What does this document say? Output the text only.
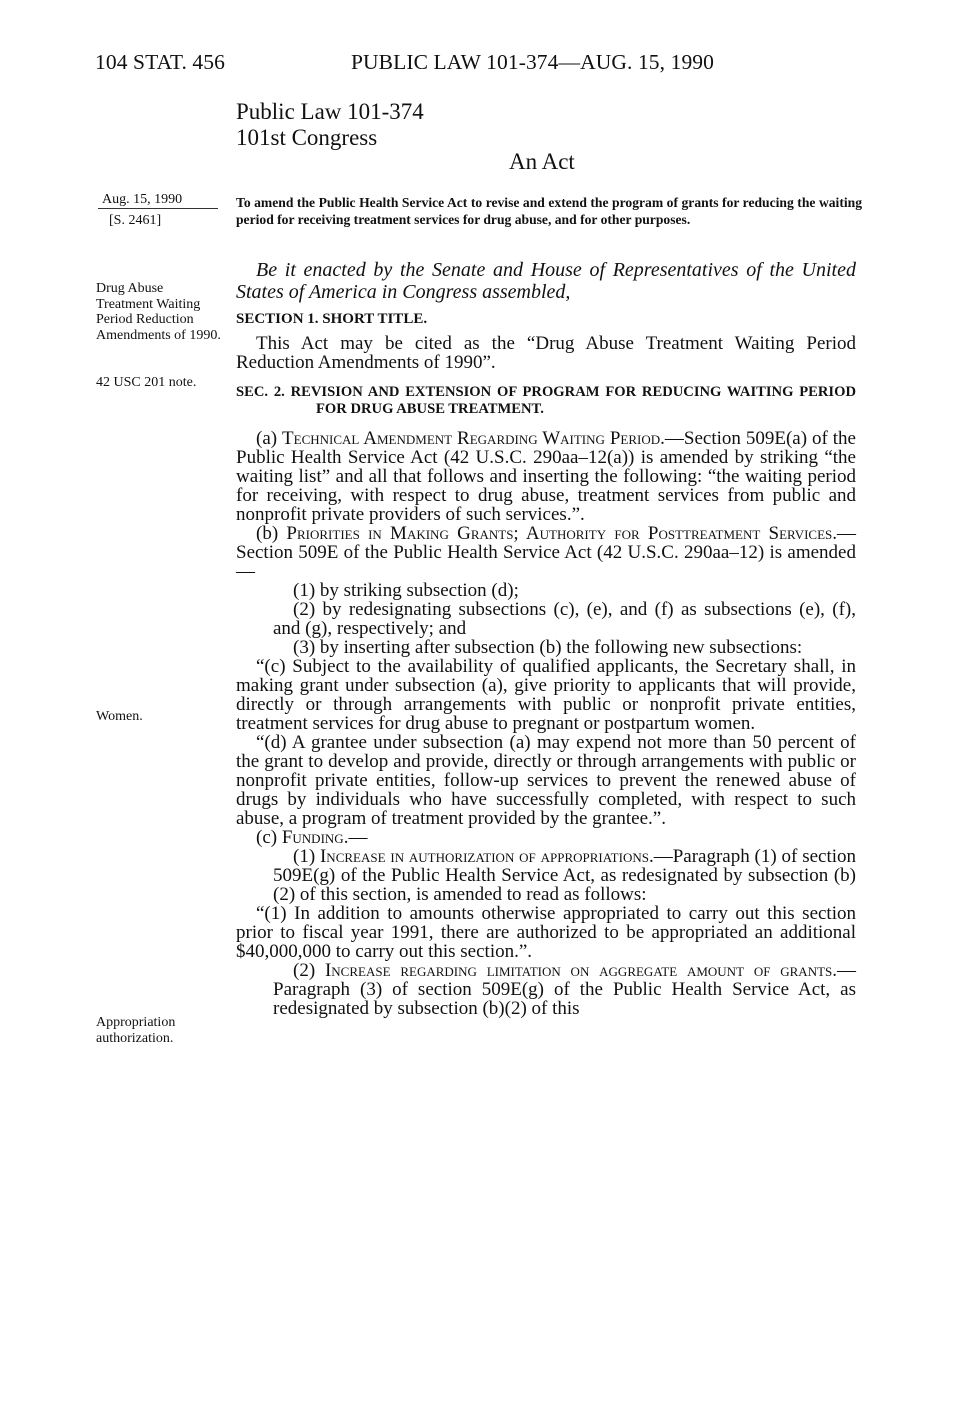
104 STAT. 456	PUBLIC LAW 101-374—AUG. 15, 1990
Public Law 101-374
101st Congress
An Act
Aug. 15, 1990
[S. 2461]
Drug Abuse Treatment Waiting Period Reduction Amendments of 1990.
42 USC 201 note.
Women.
Appropriation authorization.
To amend the Public Health Service Act to revise and extend the program of grants for reducing the waiting period for receiving treatment services for drug abuse, and for other purposes.

Be it enacted by the Senate and House of Representatives of the United States of America in Congress assembled,

SECTION 1. SHORT TITLE.

This Act may be cited as the “Drug Abuse Treatment Waiting Period Reduction Amendments of 1990”.

SEC. 2. REVISION AND EXTENSION OF PROGRAM FOR REDUCING WAITING PERIOD FOR DRUG ABUSE TREATMENT.

(a) Technical Amendment Regarding Waiting Period.—Section 509E(a) of the Public Health Service Act (42 U.S.C. 290aa–12(a)) is amended by striking “the waiting list” and all that follows and inserting the following: “the waiting period for receiving, with respect to drug abuse, treatment services from public and nonprofit private providers of such services.”.

(b) Priorities in Making Grants; Authority for Posttreatment Services.—Section 509E of the Public Health Service Act (42 U.S.C. 290aa–12) is amended—

(1) by striking subsection (d);

(2) by redesignating subsections (c), (e), and (f) as subsections (e), (f), and (g), respectively; and

(3) by inserting after subsection (b) the following new subsections:

“(c) Subject to the availability of qualified applicants, the Secretary shall, in making grant under subsection (a), give priority to applicants that will provide, directly or through arrangements with public or nonprofit private entities, treatment services for drug abuse to pregnant or postpartum women.

“(d) A grantee under subsection (a) may expend not more than 50 percent of the grant to develop and provide, directly or through arrangements with public or nonprofit private entities, follow-up services to prevent the renewed abuse of drugs by individuals who have successfully completed, with respect to such abuse, a program of treatment provided by the grantee.”.

(c) Funding.—

(1) Increase in authorization of appropriations.—Paragraph (1) of section 509E(g) of the Public Health Service Act, as redesignated by subsection (b)(2) of this section, is amended to read as follows:

“(1) In addition to amounts otherwise appropriated to carry out this section prior to fiscal year 1991, there are authorized to be appropriated an additional $40,000,000 to carry out this section.”.

(2) Increase regarding limitation on aggregate amount of grants.—Paragraph (3) of section 509E(g) of the Public Health Service Act, as redesignated by subsection (b)(2) of this
